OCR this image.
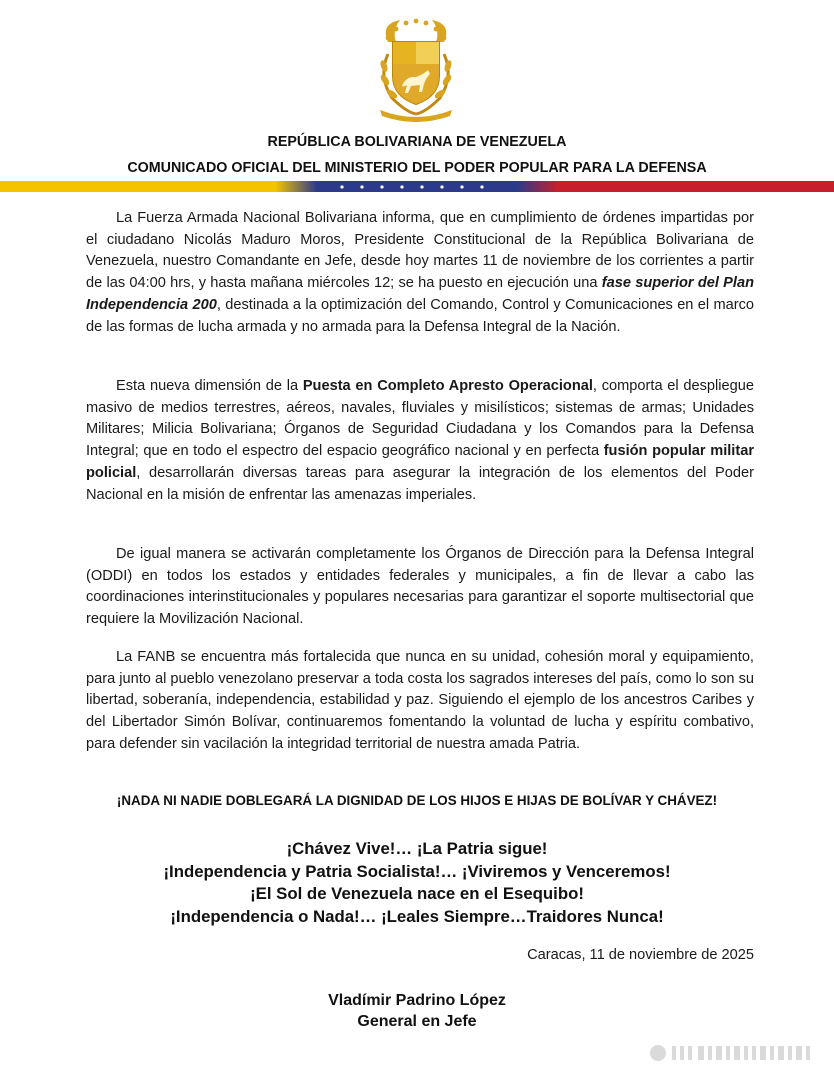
REPÚBLICA BOLIVARIANA DE VENEZUELA
COMUNICADO OFICIAL DEL MINISTERIO DEL PODER POPULAR PARA LA DEFENSA

La Fuerza Armada Nacional Bolivariana informa, que en cumplimiento de órdenes impartidas por el ciudadano Nicolás Maduro Moros, Presidente Constitucional de la República Bolivariana de Venezuela, nuestro Comandante en Jefe, desde hoy martes 11 de noviembre de los corrientes a partir de las 04:00 hrs, y hasta mañana miércoles 12; se ha puesto en ejecución una fase superior del Plan Independencia 200, destinada a la optimización del Comando, Control y Comunicaciones en el marco de las formas de lucha armada y no armada para la Defensa Integral de la Nación.

Esta nueva dimensión de la Puesta en Completo Apresto Operacional, comporta el despliegue masivo de medios terrestres, aéreos, navales, fluviales y misilísticos; sistemas de armas; Unidades Militares; Milicia Bolivariana; Órganos de Seguridad Ciudadana y los Comandos para la Defensa Integral; que en todo el espectro del espacio geográfico nacional y en perfecta fusión popular militar policial, desarrollarán diversas tareas para asegurar la integración de los elementos del Poder Nacional en la misión de enfrentar las amenazas imperiales.

De igual manera se activarán completamente los Órganos de Dirección para la Defensa Integral (ODDI) en todos los estados y entidades federales y municipales, a fin de llevar a cabo las coordinaciones interinstitucionales y populares necesarias para garantizar el soporte multisectorial que requiere la Movilización Nacional.

La FANB se encuentra más fortalecida que nunca en su unidad, cohesión moral y equipamiento, para junto al pueblo venezolano preservar a toda costa los sagrados intereses del país, como lo son su libertad, soberanía, independencia, estabilidad y paz. Siguiendo el ejemplo de los ancestros Caribes y del Libertador Simón Bolívar, continuaremos fomentando la voluntad de lucha y espíritu combativo, para defender sin vacilación la integridad territorial de nuestra amada Patria.

¡NADA NI NADIE DOBLEGARÁ LA DIGNIDAD DE LOS HIJOS E HIJAS DE BOLÍVAR Y CHÁVEZ!
¡Chávez Vive!… ¡La Patria sigue!
¡Independencia y Patria Socialista!… ¡Viviremos y Venceremos!
¡El Sol de Venezuela nace en el Esequibo!
¡Independencia o Nada!… ¡Leales Siempre…Traidores Nunca!
Caracas, 11 de noviembre de 2025
Vladímir Padrino López
General en Jefe
